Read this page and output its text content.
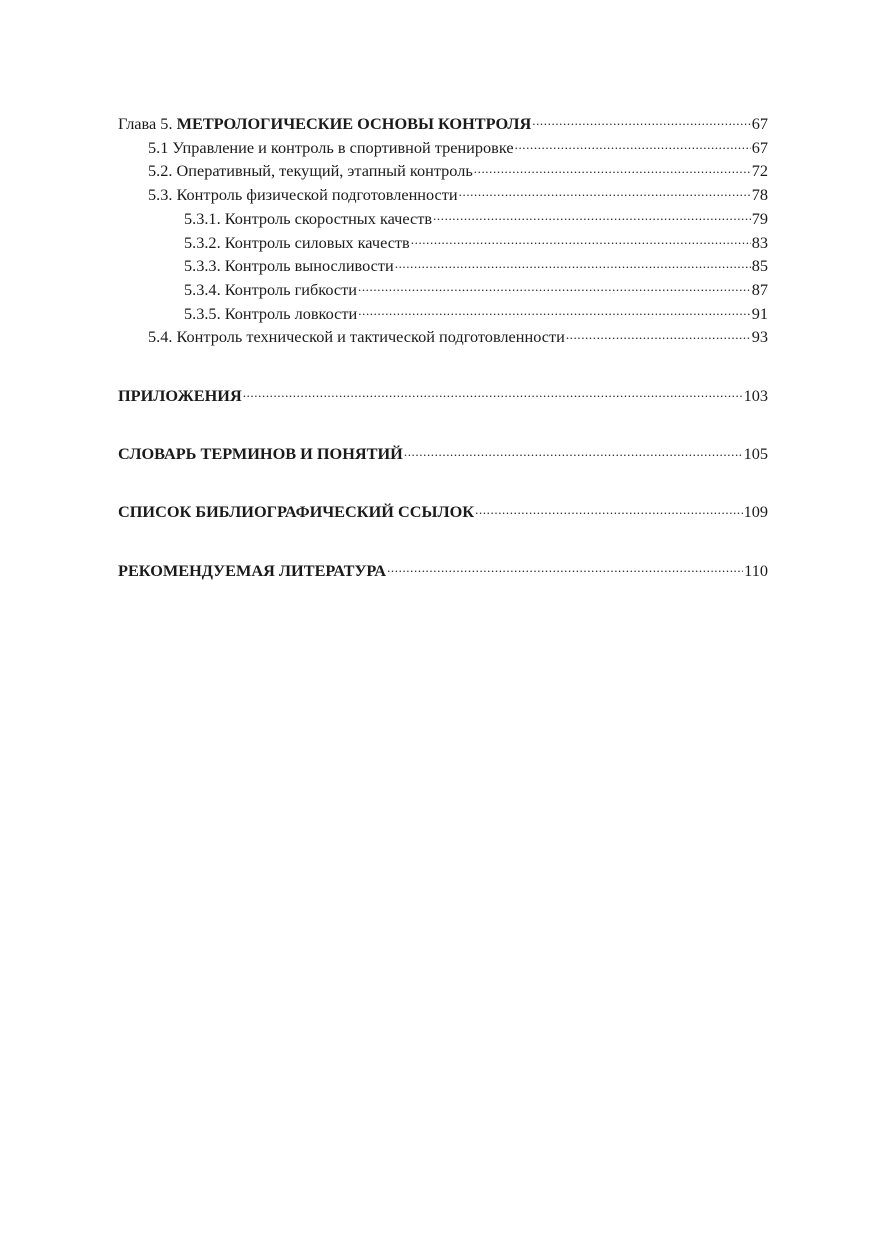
Глава 5. МЕТРОЛОГИЧЕСКИЕ ОСНОВЫ КОНТРОЛЯ .....	67
5.1 Управление и контроль в спортивной тренировке .....	67
5.2. Оперативный, текущий, этапный контроль .....	72
5.3. Контроль физической подготовленности .....	78
5.3.1. Контроль скоростных качеств .....	79
5.3.2. Контроль силовых качеств .....	83
5.3.3. Контроль выносливости .....	85
5.3.4. Контроль гибкости .....	87
5.3.5. Контроль ловкости .....	91
5.4. Контроль технической и тактической подготовленности .....	93
ПРИЛОЖЕНИЯ .....	103
СЛОВАРЬ ТЕРМИНОВ И ПОНЯТИЙ .....	105
СПИСОК БИБЛИОГРАФИЧЕСКИЙ ССЫЛОК .....	109
РЕКОМЕНДУЕМАЯ ЛИТЕРАТУРА .....	110
